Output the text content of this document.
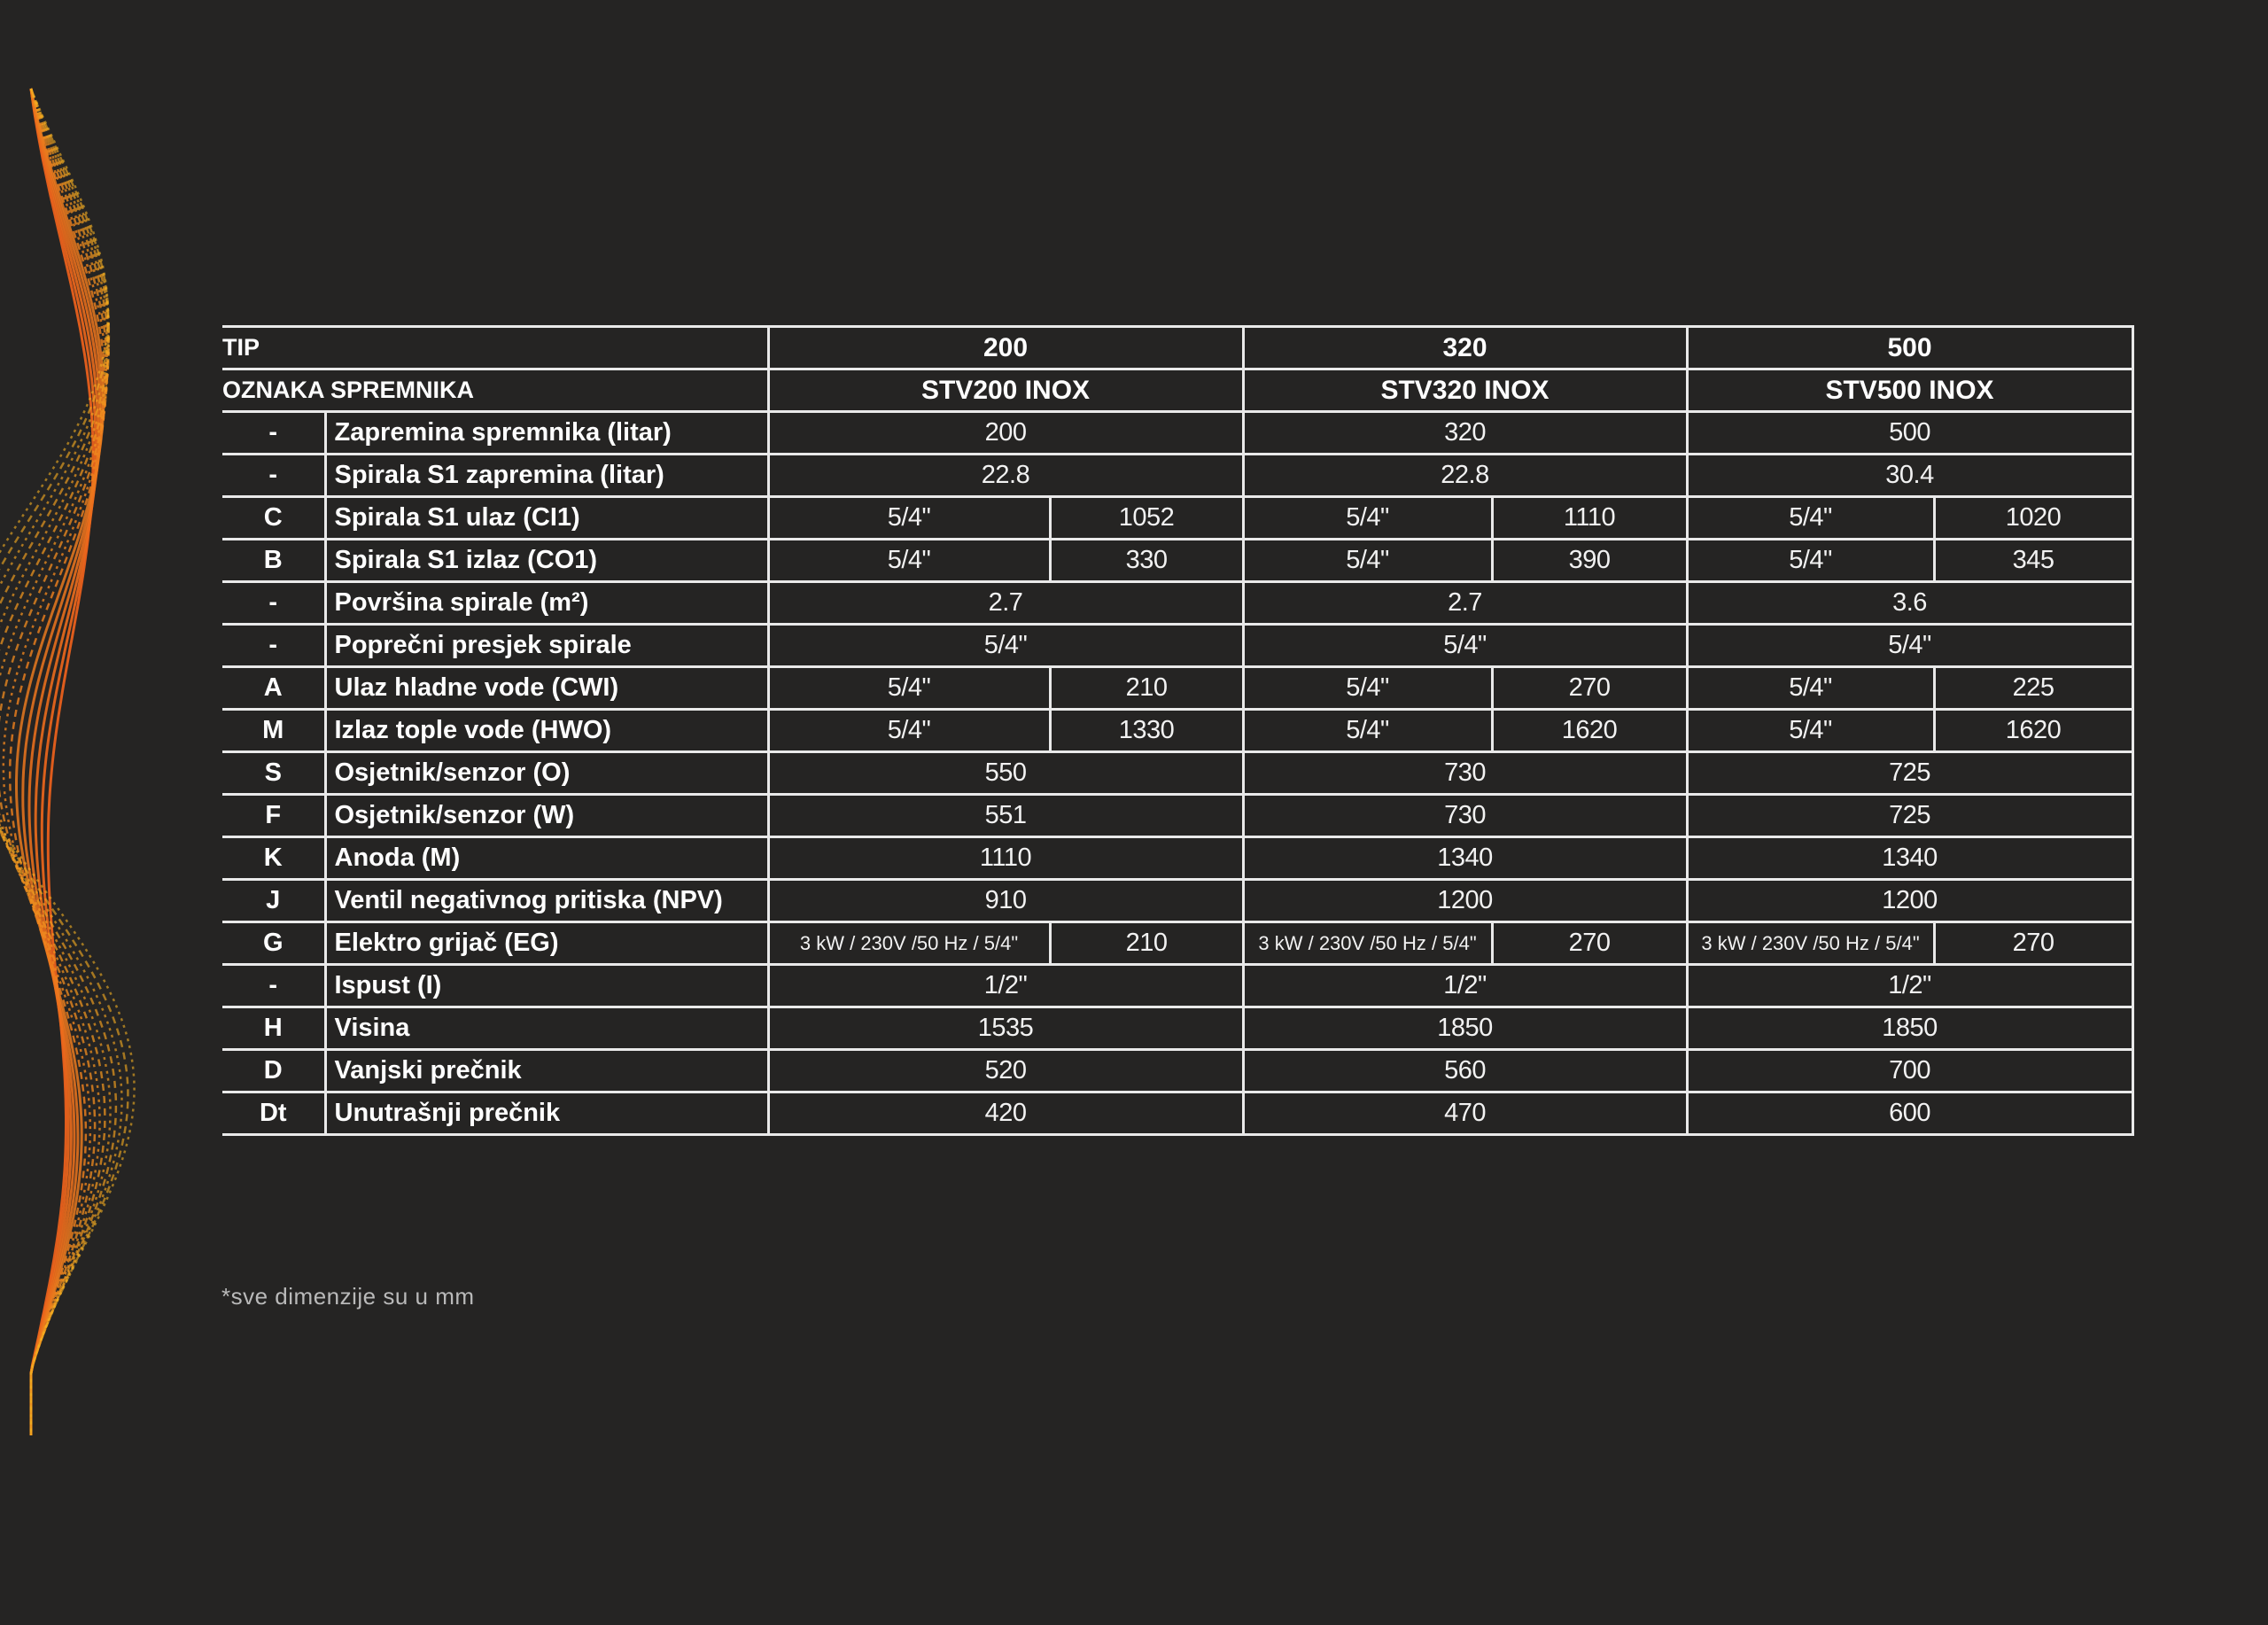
TIP		200		320		500	
OZNAKA SPREMNIKA		STV200 INOX		STV320 INOX		STV500 INOX	
-	Zapremina spremnika (litar)	200		320		500	
-	Spirala S1 zapremina (litar)	22.8		22.8		30.4	
C	Spirala S1 ulaz (CI1)	5/4"	1052	5/4"	1110	5/4"	1020
B	Spirala S1 izlaz (CO1)	5/4"	330	5/4"	390	5/4"	345
-	Površina spirale (m²)	2.7		2.7		3.6	
-	Poprečni presjek spirale	5/4"		5/4"		5/4"	
A	Ulaz hladne vode (CWI)	5/4"	210	5/4"	270	5/4"	225
M	Izlaz tople vode (HWO)	5/4"	1330	5/4"	1620	5/4"	1620
S	Osjetnik/senzor (O)	550		730		725	
F	Osjetnik/senzor (W)	551		730		725	
K	Anoda (M)	1110		1340		1340	
J	Ventil negativnog pritiska (NPV)	910		1200		1200	
G	Elektro grijač (EG)	3 kW / 230V /50 Hz / 5/4"	210	3 kW / 230V /50 Hz / 5/4"	270	3 kW / 230V /50 Hz / 5/4"	270
-	Ispust (I)	1/2"		1/2"		1/2"	
H	Visina	1535		1850		1850	
D	Vanjski prečnik	520		560		700	
Dt	Unutrašnji prečnik	420		470		600	
*sve dimenzije su u mm
